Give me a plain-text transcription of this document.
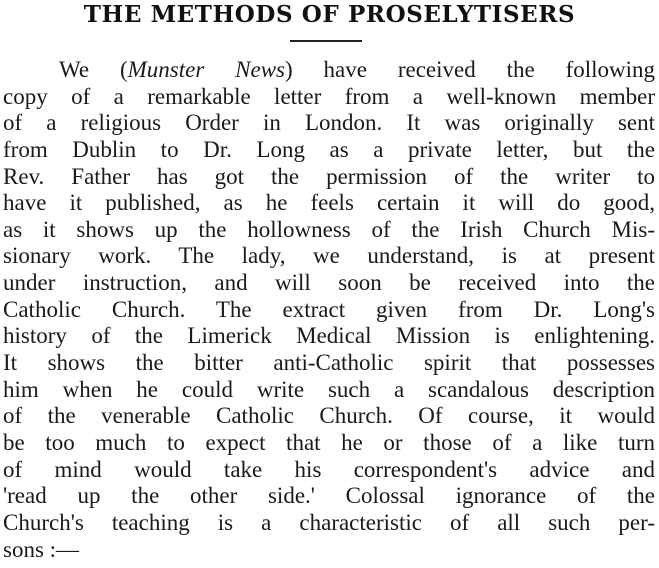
THE METHODS OF PROSELYTISERS
We (Munster News) have received the following
copy of a remarkable letter from a well-known member
of a religious Order in London. It was originally sent
from Dublin to Dr. Long as a private letter, but the
Rev. Father has got the permission of the writer to
have it published, as he feels certain it will do good,
as it shows up the hollowness of the Irish Church Mis-
sionary work. The lady, we understand, is at present
under instruction, and will soon be received into the
Catholic Church. The extract given from Dr. Long's
history of the Limerick Medical Mission is enlightening.
It shows the bitter anti-Catholic spirit that possesses
him when he could write such a scandalous description
of the venerable Catholic Church. Of course, it would
be too much to expect that he or those of a like turn
of mind would take his correspondent's advice and
'read up the other side.' Colossal ignorance of the
Church's teaching is a characteristic of all such per-
sons :—
